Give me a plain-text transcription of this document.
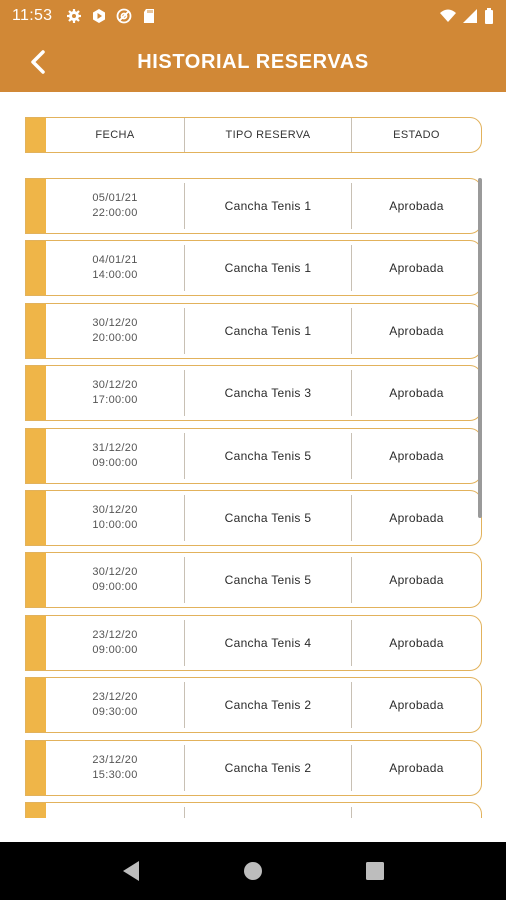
11:53
HISTORIAL RESERVAS
FECHA	TIPO RESERVA	ESTADO
05/01/21
22:00:00	Cancha Tenis 1	Aprobada
04/01/21
14:00:00	Cancha Tenis 1	Aprobada
30/12/20
20:00:00	Cancha Tenis 1	Aprobada
30/12/20
17:00:00	Cancha Tenis 3	Aprobada
31/12/20
09:00:00	Cancha Tenis 5	Aprobada
30/12/20
10:00:00	Cancha Tenis 5	Aprobada
30/12/20
09:00:00	Cancha Tenis 5	Aprobada
23/12/20
09:00:00	Cancha Tenis 4	Aprobada
23/12/20
09:30:00	Cancha Tenis 2	Aprobada
23/12/20
15:30:00	Cancha Tenis 2	Aprobada
